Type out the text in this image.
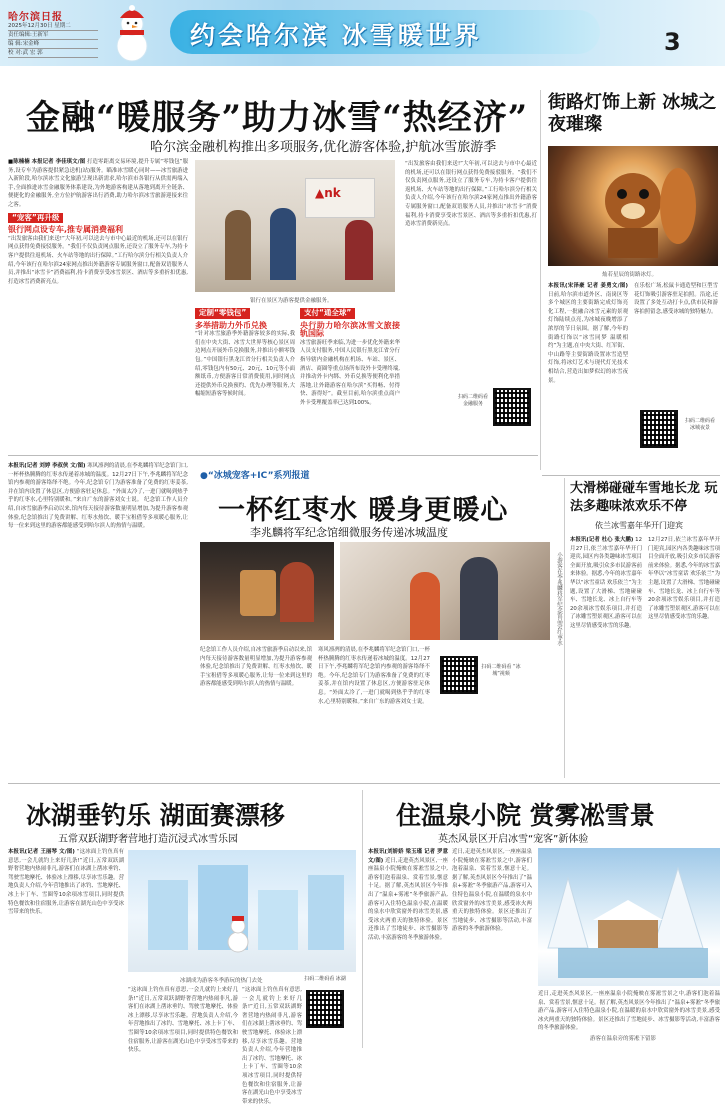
哈尔滨日报
2025年12月30日 星期二
责任编辑:王新军
编 辑:宋金峰
校 对:武 宏 郭
约会哈尔滨 冰雪暖世界	3
金融“暖服务”助力冰雪“热经济”
哈尔滨金融机构推出多项服务,优化游客体验,护航冰雪旅游季
■陈楠楠 本报记者 李佳琪文/图 打造零距离交易环境,提升专属“零钱包”服务,设专车为游客提供紧急送机(站)服务。瞄准冰雪暖心同时——冰雪旅游进入新阶段,哈尔滨冰雪文化旅游呈现出新需求,哈尔滨市各银行从供需两端入手,全面推进冰雪金融服务体系建设,为外地游客构建从落地到离开全链条、便捷化的金融服务,全方位护航游客出行消费,助力哈尔滨冰雪旅游迎接来往之客。
“宠客”再升级
银行网点设专车,推专属消费福利
“出发旅客由我们来送!”大年初,可以送去与市中心最近的机场,还可以在银行网点获得免费接驳服务。“我们不仅负责网点服务,还设立了服务专车,为持卡客户提供往返机场、火车站等地的出行保障。”工行哈尔滨分行相关负责人介绍,今年该行在哈尔滨24家网点推出外籍游客专属服务窗口,配备双语服务人员,并推出“冰雪卡”消费福利,持卡消费享受冰雪景区、酒店等多重折扣优惠,打造冰雪消费新亮点。
▲nk
银行在景区为游客提供金融服务。
定制“零钱包”
多举措助力外币兑换
“针对冰雪旅游季外籍游客较多的实际,我们在中央大街、冰雪大世界等核心景区周边网点开展外币兑换服务,并推出小额零钱包。”中国银行黑龙江省分行相关负责人介绍,零钱包内有50元、20元、10元等小面额纸币,方便游客日常消费使用,同时网点还提供外币兑换预约、优先办理等服务,大幅缩短游客等候时间。
支付“通全球”
央行助力哈尔滨冰雪文旅接轨国际
冰雪旅游旺季来临,为进一步优化外籍来华人员支付服务,中国人民银行黑龙江省分行指导辖内金融机构在机场、车站、景区、酒店、商圈等重点场所布设外卡受理终端,并推动外卡内绑、外币兑换等便利化举措落地,让外籍游客在哈尔滨“买得畅、付得快、游得好”。截至目前,哈尔滨重点商户外卡受理覆盖率已达到100%。
“出发旅客由我们来送!”大年初,可以送去与市中心最近的机场,还可以在银行网点获得免费接驳服务。“我们不仅负责网点服务,还设立了服务专车,为持卡客户提供往返机场、火车站等地的出行保障。”工行哈尔滨分行相关负责人介绍,今年该行在哈尔滨24家网点推出外籍游客专属服务窗口,配备双语服务人员,并推出“冰雪卡”消费福利,持卡消费享受冰雪景区、酒店等多重折扣优惠,打造冰雪消费新亮点。
扫码二维码看 金融服务
街路灯饰上新 冰城之夜璀璨
灿若星辰的街路冰灯。
本报讯(宋泽豪 记者 姜勇文/图) 日前,哈尔滨市道外区、南岗区等多个城区的主要街路完成灯饰亮化工程,一批融合冰雪元素的景观灯饰陆续点亮,为冰城夜晚增添了浓厚的节日氛围。据了解,今年的街路灯饰以“冰雪同梦 温暖相约”为主题,在中央大街、红军街、中山路等主要街路设置冰雪造型灯饰,将冰灯艺术与现代灯光技术相结合,营造出如梦似幻的冰雪夜景。
在乐松广场,松鼠卡通造型和巨型雪花灯饰吸引游客驻足拍照。沿途,还设置了多处互动打卡点,供市民和游客拍照留念,感受冰城的独特魅力。
扫码二维码看 冰城夜景
本报讯(记者 刘婷 李叔侠 文/图) 寒风凛冽的清晨,在李兆麟将军纪念馆门口,一杯杯热腾腾的红枣水传递着冰城的温度。12月27日下午,李兆麟将军纪念馆内参观的游客络绎不绝。今年,纪念馆专门为游客准备了免费的红枣姜茶,并在馆内设置了休息区,方便游客驻足休息。“外面太冷了,一进门就喝到热乎乎的红枣水,心里特别暖和。”来自广东的游客刘女士说。 纪念馆工作人员介绍,自冰雪旅游季启动以来,馆内每天接待游客数量明显增加,为提升游客参观体验,纪念馆推出了免费讲解、红枣水热饮、暖手宝租借等多项暖心服务,让每一位来到这里的游客都能感受到哈尔滨人的热情与温暖。
●“冰城宠客+IC”系列报道
一杯红枣水 暖身更暖心
李兆麟将军纪念馆细微服务传递冰城温度
小游客在李兆麟将军纪念馆品尝红枣水
纪念馆工作人员介绍,自冰雪旅游季启动以来,馆内每天接待游客数量明显增加,为提升游客参观体验,纪念馆推出了免费讲解、红枣水热饮、暖手宝租借等多项暖心服务,让每一位来到这里的游客都能感受到哈尔滨人的热情与温暖。
寒风凛冽的清晨,在李兆麟将军纪念馆门口,一杯杯热腾腾的红枣水传递着冰城的温度。12月27日下午,李兆麟将军纪念馆内参观的游客络绎不绝。今年,纪念馆专门为游客准备了免费的红枣姜茶,并在馆内设置了休息区,方便游客驻足休息。“外面太冷了,一进门就喝到热乎乎的红枣水,心里特别暖和。”来自广东的游客刘女士说。
扫码二维码看 “冰城”视频
大滑梯碰碰车雪地长龙 玩法多趣味浓欢乐不停
依兰冰雪嘉年华开门迎宾
本报讯(记者 杜心 张大鹏) 12月27日,依兰冰雪嘉年华开门迎宾,园区内各类趣味冰雪项目全面开放,吸引众多市民游客前来体验。据悉,今年的冰雪嘉年华以“冰雪童话 欢乐依兰”为主题,设置了大滑梯、雪地碰碰车、雪地长龙、冰上自行车等20余项冰雪娱乐项目,并打造了冰雕雪塑景观区,游客可以在这里尽情感受冰雪的乐趣。
12月27日,依兰冰雪嘉年华开门迎宾,园区内各类趣味冰雪项目全面开放,吸引众多市民游客前来体验。据悉,今年的冰雪嘉年华以“冰雪童话 欢乐依兰”为主题,设置了大滑梯、雪地碰碰车、雪地长龙、冰上自行车等20余项冰雪娱乐项目,并打造了冰雕雪塑景观区,游客可以在这里尽情感受冰雪的乐趣。
冰湖垂钓乐 湖面赛漂移
五常双跃湖野奢营地打造沉浸式冰雪乐园
本报讯(记者 王丽琴 文/图) “这冰面上钓鱼真有意思,一会儿就钓上来好几条!”近日,五常双跃湖野奢营地内热闹非凡,游客们在冰湖上凿冰垂钓、驾驶雪地摩托、体验冰上漂移,尽享冰雪乐趣。营地负责人介绍,今年营地推出了冰钓、雪地摩托、冰上卡丁车、雪圈等10余项冰雪项目,同时提供特色餐饮和住宿服务,让游客在湖光山色中享受冰雪带来的快乐。
冰湖成为游客冬季游玩的热门去处
“这冰面上钓鱼真有意思,一会儿就钓上来好几条!”近日,五常双跃湖野奢营地内热闹非凡,游客们在冰湖上凿冰垂钓、驾驶雪地摩托、体验冰上漂移,尽享冰雪乐趣。营地负责人介绍,今年营地推出了冰钓、雪地摩托、冰上卡丁车、雪圈等10余项冰雪项目,同时提供特色餐饮和住宿服务,让游客在湖光山色中享受冰雪带来的快乐。
“这冰面上钓鱼真有意思,一会儿就钓上来好几条!”近日,五常双跃湖野奢营地内热闹非凡,游客们在冰湖上凿冰垂钓、驾驶雪地摩托、体验冰上漂移,尽享冰雪乐趣。营地负责人介绍,今年营地推出了冰钓、雪地摩托、冰上卡丁车、雪圈等10余项冰雪项目,同时提供特色餐饮和住宿服务,让游客在湖光山色中享受冰雪带来的快乐。
扫码二维码看 冰湖
住温泉小院 赏雾凇雪景
英杰风景区开启冰雪“宠客”新体验
本报讯(刘娇娇 梁玉瑾 记者 罗意 文/图) 近日,走进英杰风景区,一座座温泉小院掩映在雾凇雪景之中,游客们泡着温泉、赏着雪景,惬意十足。据了解,英杰风景区今年推出了“温泉+雾凇”冬季旅游产品,游客可入住特色温泉小院,在温暖的泉水中欣赏窗外的冰雪美景,感受冰火两重天的独特体验。景区还推出了雪地徒步、冰雪摄影等活动,丰富游客的冬季旅游体验。
近日,走进英杰风景区,一座座温泉小院掩映在雾凇雪景之中,游客们泡着温泉、赏着雪景,惬意十足。据了解,英杰风景区今年推出了“温泉+雾凇”冬季旅游产品,游客可入住特色温泉小院,在温暖的泉水中欣赏窗外的冰雪美景,感受冰火两重天的独特体验。景区还推出了雪地徒步、冰雪摄影等活动,丰富游客的冬季旅游体验。
游客在温泉旁的雾凇下留影
近日,走进英杰风景区,一座座温泉小院掩映在雾凇雪景之中,游客们泡着温泉、赏着雪景,惬意十足。据了解,英杰风景区今年推出了“温泉+雾凇”冬季旅游产品,游客可入住特色温泉小院,在温暖的泉水中欣赏窗外的冰雪美景,感受冰火两重天的独特体验。景区还推出了雪地徒步、冰雪摄影等活动,丰富游客的冬季旅游体验。
